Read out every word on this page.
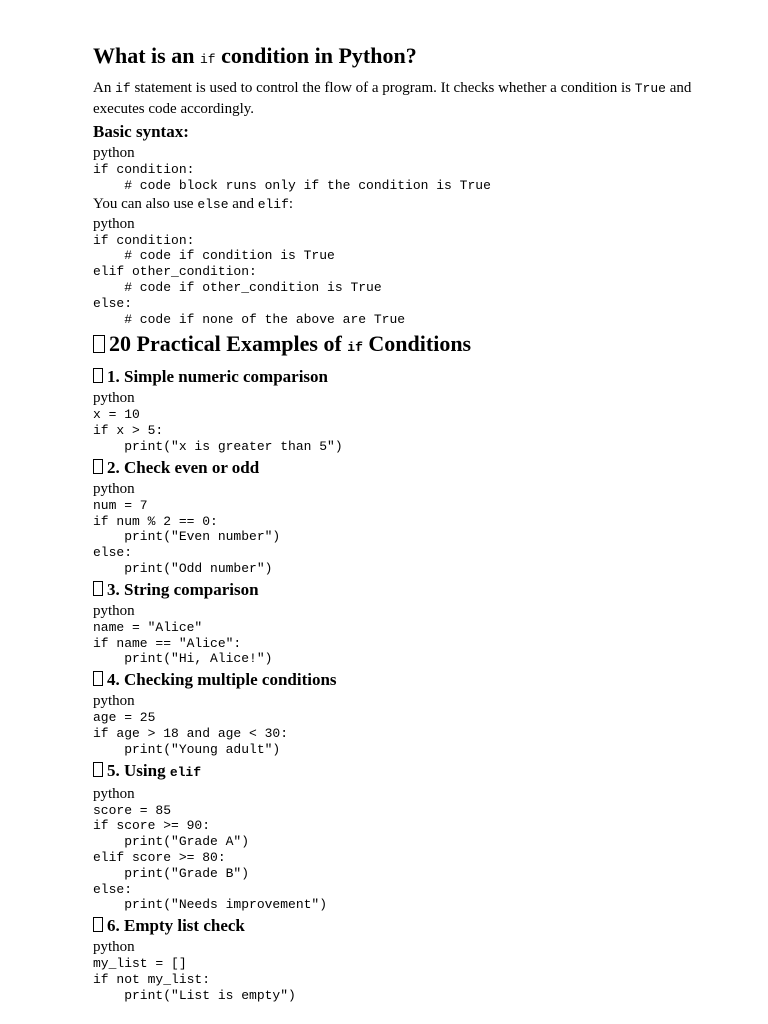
What is an if condition in Python?

An if statement is used to control the flow of a program. It checks whether a condition is True and executes code accordingly.

Basic syntax:
python
if condition:
# code block runs only if the condition is True

You can also use else and elif:

python
if condition:
# code if condition is True
elif other_condition:
# code if other_condition is True
else:
# code if none of the above are True
20 Practical Examples of if Conditions
1. Simple numeric comparison
python
x = 10
if x > 5:
print("x is greater than 5")
2. Check even or odd
python
num = 7
if num % 2 == 0:
print("Even number")
else:
print("Odd number")
3. String comparison
python
name = "Alice"
if name == "Alice":
print("Hi, Alice!")
4. Checking multiple conditions
python
age = 25
if age > 18 and age < 30:
print("Young adult")
5. Using elif
python
score = 85
if score >= 90:
print("Grade A")
elif score >= 80:
print("Grade B")
else:
print("Needs improvement")
6. Empty list check
python
my_list = []
if not my_list:
print("List is empty")
